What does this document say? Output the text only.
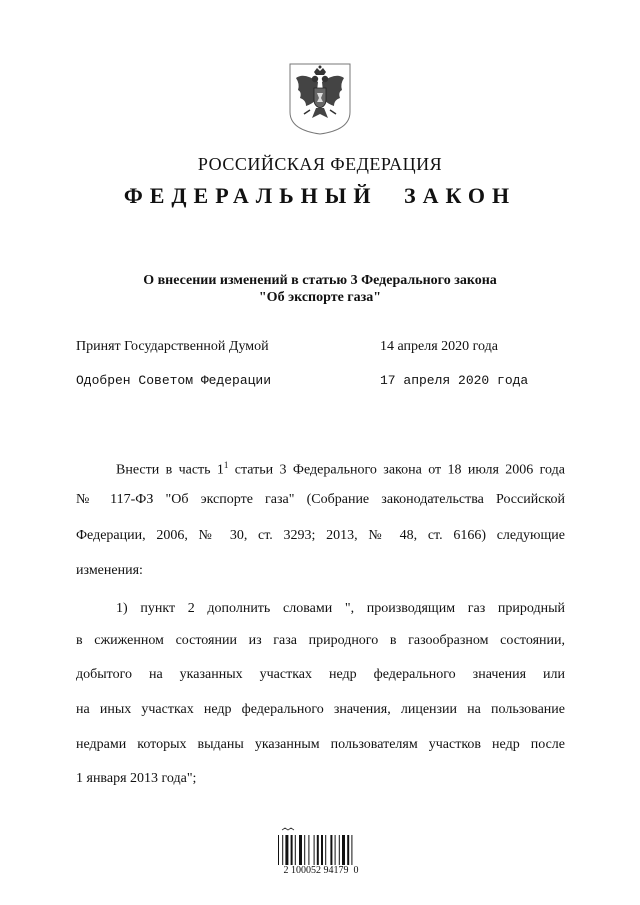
РОССИЙСКАЯ ФЕДЕРАЦИЯ
ФЕДЕРАЛЬНЫЙ ЗАКОН
О внесении изменений в статью 3 Федерального закона
"Об экспорте газа"
Принят Государственной Думой	14 апреля 2020 года
Одобрен Советом Федерации	17 апреля 2020 года
Внести в часть $1^1$ статьи 3 Федерального закона от 18 июля 2006 года
№ 117-ФЗ "Об экспорте газа" (Собрание законодательства Российской
Федерации, 2006, № 30, ст. 3293; 2013, № 48, ст. 6166) следующие
изменения:
1) пункт 2 дополнить словами ", производящим газ природный
в сжиженном состоянии из газа природного в газообразном состоянии,
добытого на указанных участках недр федерального значения или
на иных участках недр федерального значения, лицензии на пользование
недрами которых выданы указанным пользователям участков недр после
1 января 2013 года";
2 100052 94179  0
